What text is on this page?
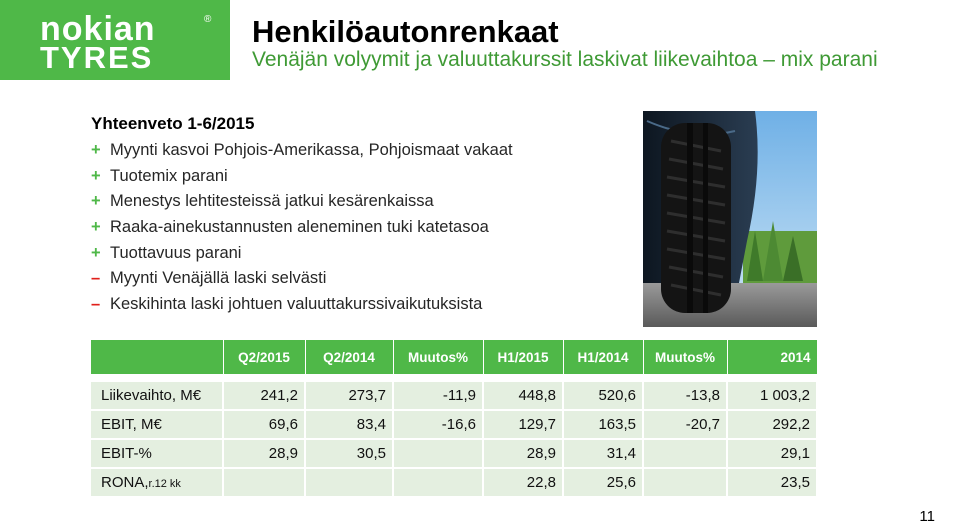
nokian	®
TYRES
Henkilöautonrenkaat
Venäjän volyymit ja valuuttakurssit laskivat liikevaihtoa – mix parani
Yhteenveto 1-6/2015
+ Myynti kasvoi Pohjois-Amerikassa, Pohjoismaat vakaat
+ Tuotemix parani
+ Menestys lehtitesteissä jatkui kesärenkaissa
+ Raaka-ainekustannusten aleneminen tuki katetasoa
+ Tuottavuus parani
– Myynti Venäjällä laski selvästi
– Keskihinta laski johtuen valuuttakurssivaikutuksista
	Q2/2015	Q2/2014	Muutos%	H1/2015	H1/2014	Muutos%	2014

Liikevaihto, M€	241,2	273,7	-11,9	448,8	520,6	-13,8	1 003,2
EBIT, M€	69,6	83,4	-16,6	129,7	163,5	-20,7	292,2
EBIT-%	28,9	30,5		28,9	31,4		29,1
RONA,r.12 kk				22,8	25,6		23,5
11
